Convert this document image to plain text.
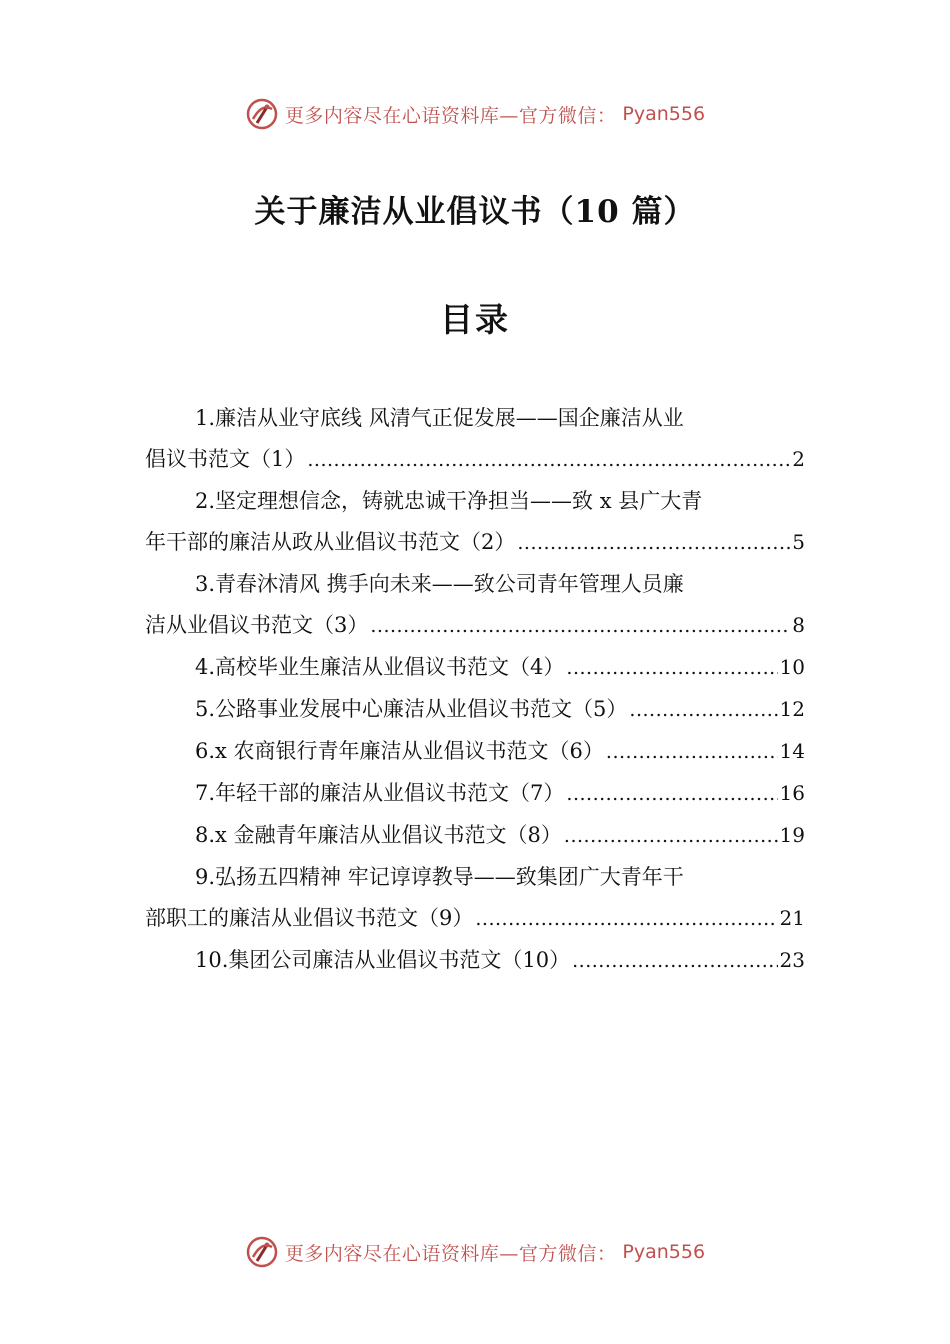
更多内容尽在心语资料库—官方微信： Pyan556
关于廉洁从业倡议书（10 篇）
目录
1.廉洁从业守底线 风清气正促发展——国企廉洁从业
倡议书范文（1） .....	2
2.坚定理想信念，铸就忠诚干净担当——致 x 县广大青
年干部的廉洁从政从业倡议书范文（2） .....	5
3.青春沐清风 携手向未来——致公司青年管理人员廉
洁从业倡议书范文（3） .....	8
4.高校毕业生廉洁从业倡议书范文（4） .....	10
5.公路事业发展中心廉洁从业倡议书范文（5） .....	12
6.x 农商银行青年廉洁从业倡议书范文（6） .....	14
7.年轻干部的廉洁从业倡议书范文（7） .....	16
8.x 金融青年廉洁从业倡议书范文（8） .....	19
9.弘扬五四精神 牢记谆谆教导——致集团广大青年干
部职工的廉洁从业倡议书范文（9） .....	21
10.集团公司廉洁从业倡议书范文（10） .....	23
更多内容尽在心语资料库—官方微信： Pyan556
